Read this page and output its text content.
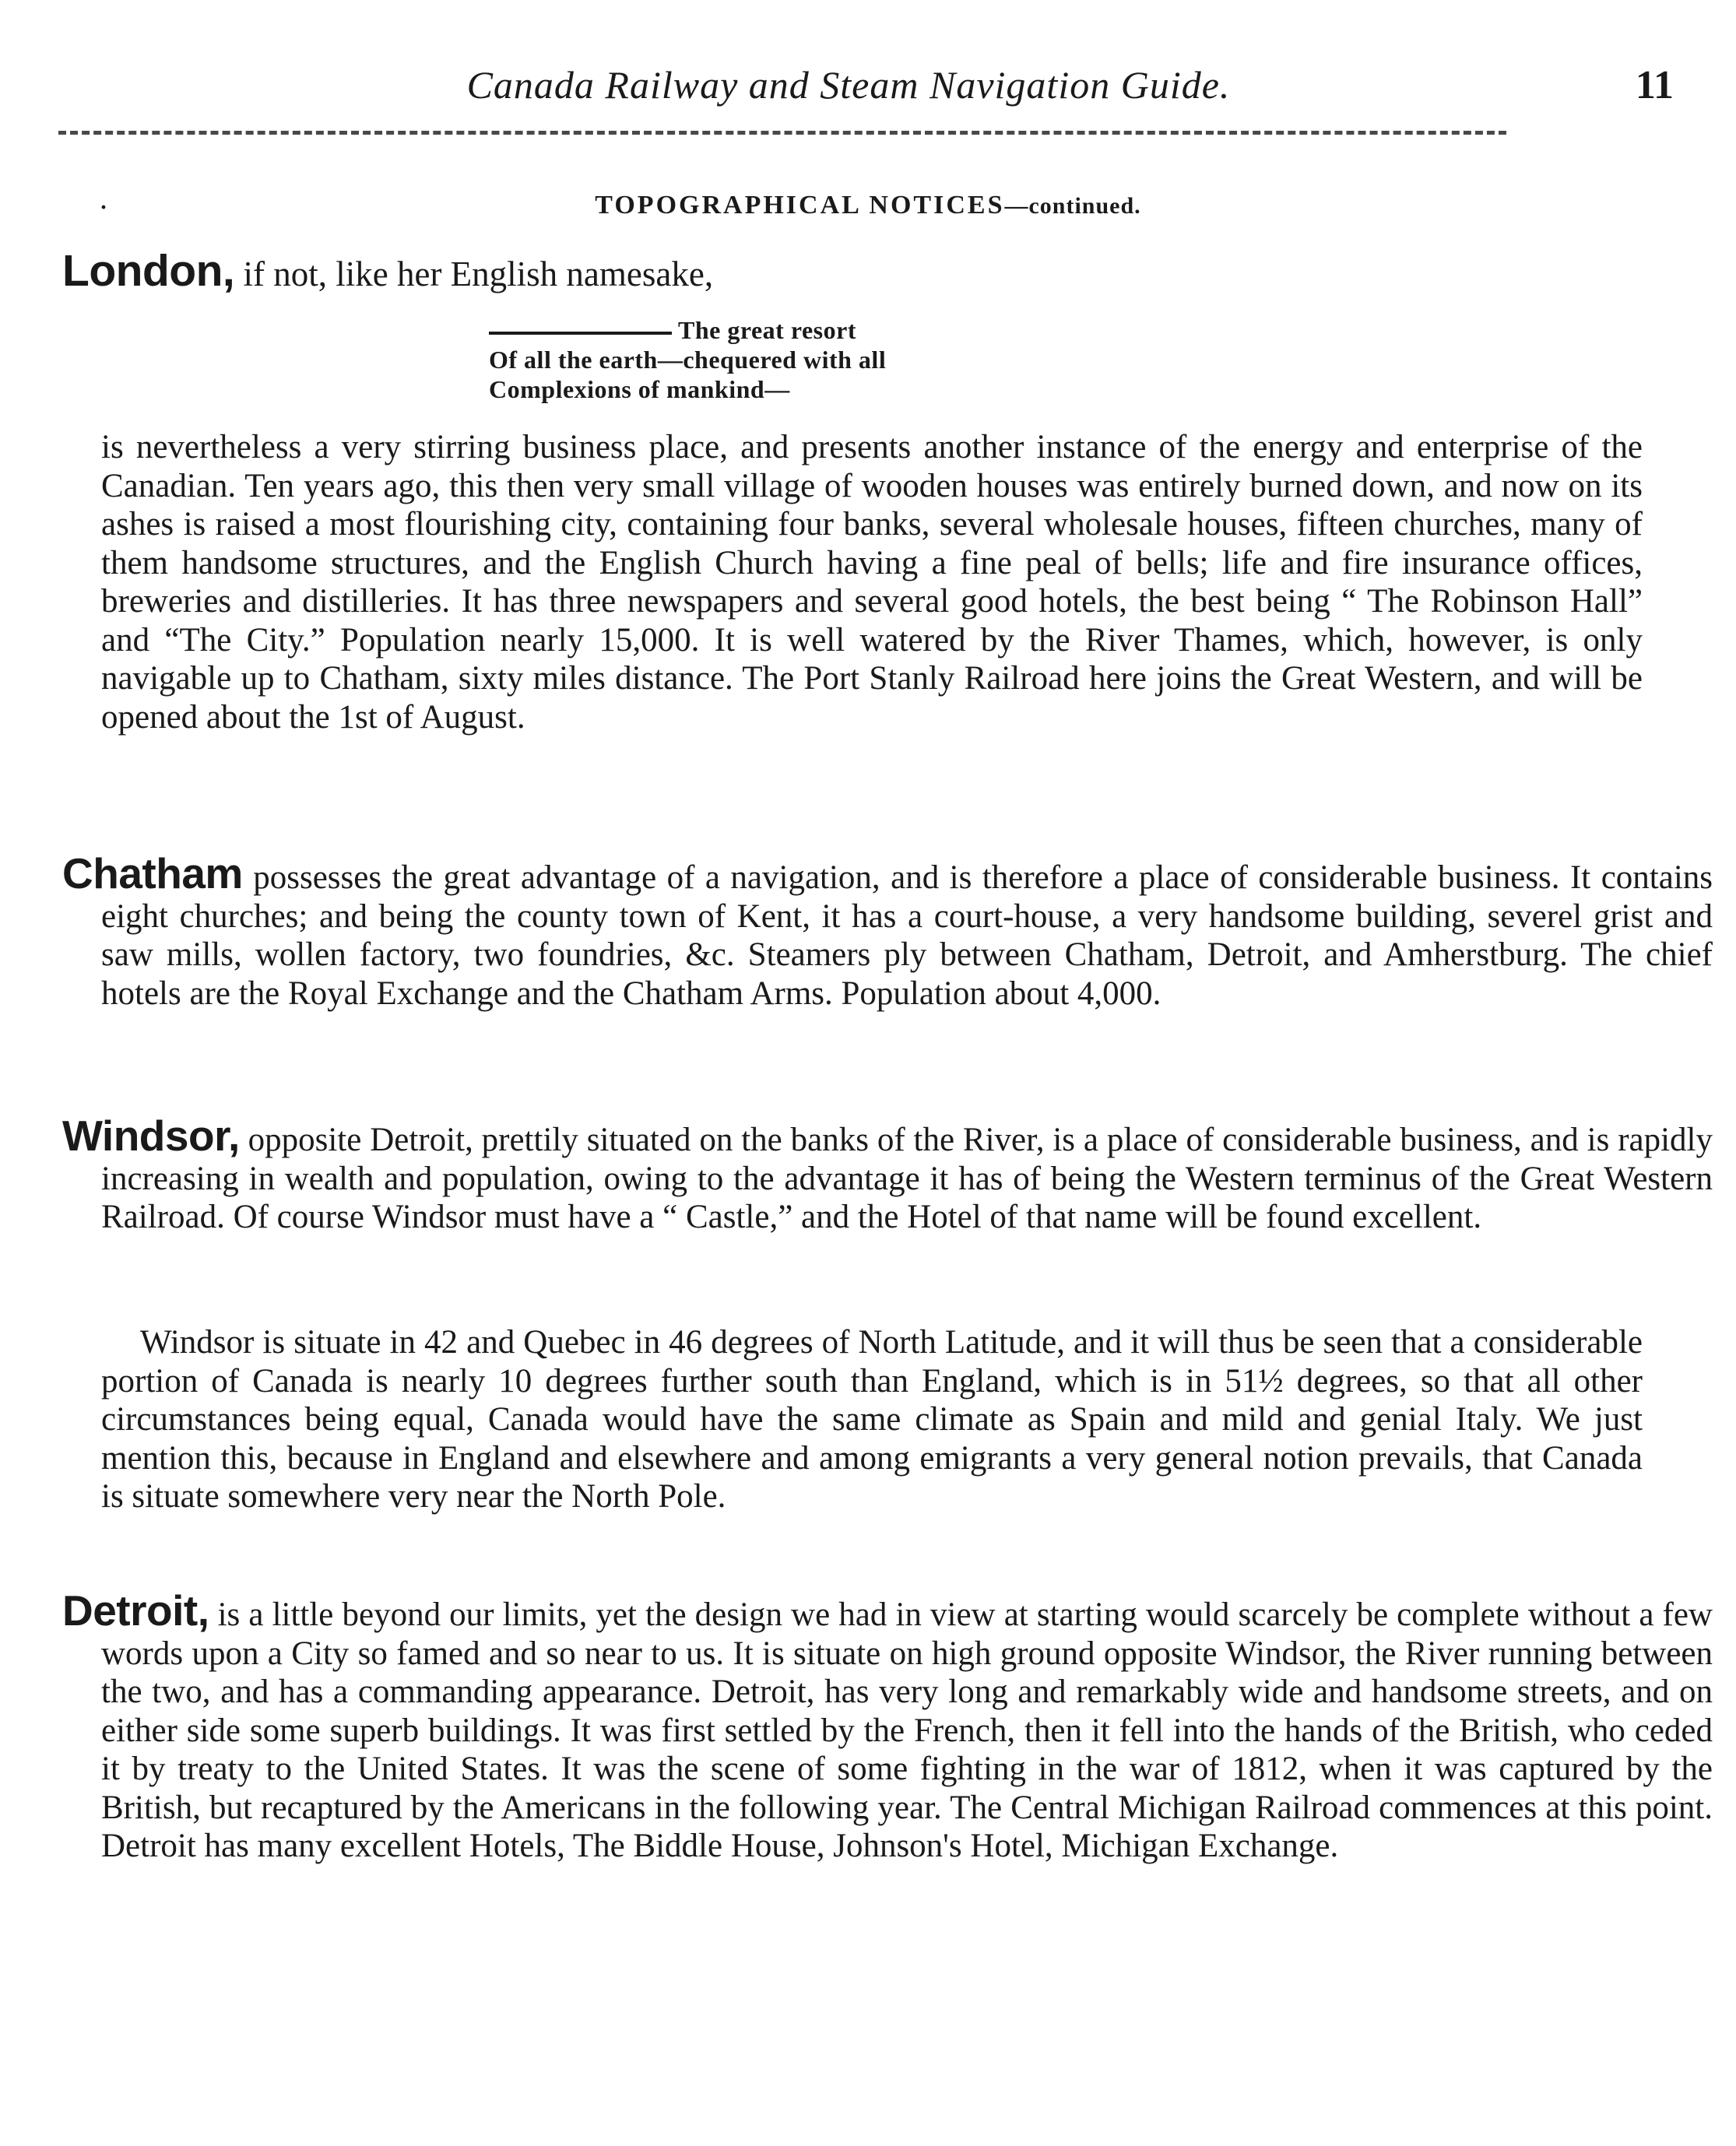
Canada Railway and Steam Navigation Guide.	11
·	TOPOGRAPHICAL NOTICES—continued.

London, if not, like her English namesake,

The great resort
Of all the earth—chequered with all
Complexions of mankind—

is nevertheless a very stirring business place, and presents another instance of the energy and enterprise of the Canadian. Ten years ago, this then very small village of wooden houses was entirely burned down, and now on its ashes is raised a most flourishing city, containing four banks, several wholesale houses, fifteen churches, many of them handsome structures, and the English Church having a fine peal of bells; life and fire insurance offices, breweries and distilleries. It has three newspapers and several good hotels, the best being “ The Robinson Hall” and “The City.” Population nearly 15,000. It is well watered by the River Thames, which, however, is only navigable up to Chatham, sixty miles distance. The Port Stanly Railroad here joins the Great Western, and will be opened about the 1st of August.

Chatham possesses the great advantage of a navigation, and is therefore a place of considerable business. It contains eight churches; and being the county town of Kent, it has a court-house, a very handsome building, severel grist and saw mills, wollen factory, two foundries, &c. Steamers ply between Chatham, Detroit, and Amherstburg. The chief hotels are the Royal Exchange and the Chatham Arms. Population about 4,000.

Windsor, opposite Detroit, prettily situated on the banks of the River, is a place of considerable business, and is rapidly increasing in wealth and population, owing to the advantage it has of being the Western terminus of the Great Western Railroad. Of course Windsor must have a “ Castle,” and the Hotel of that name will be found excellent.

Windsor is situate in 42 and Quebec in 46 degrees of North Latitude, and it will thus be seen that a considerable portion of Canada is nearly 10 degrees further south than England, which is in 51½ degrees, so that all other circumstances being equal, Canada would have the same climate as Spain and mild and genial Italy. We just mention this, because in England and elsewhere and among emigrants a very general notion prevails, that Canada is situate somewhere very near the North Pole.

Detroit, is a little beyond our limits, yet the design we had in view at starting would scarcely be complete without a few words upon a City so famed and so near to us. It is situate on high ground opposite Windsor, the River running between the two, and has a commanding appearance. Detroit, has very long and remarkably wide and handsome streets, and on either side some superb buildings. It was first settled by the French, then it fell into the hands of the British, who ceded it by treaty to the United States. It was the scene of some fighting in the war of 1812, when it was captured by the British, but recaptured by the Americans in the following year. The Central Michigan Railroad commences at this point. Detroit has many excellent Hotels, The Biddle House, Johnson's Hotel, Michigan Exchange.
